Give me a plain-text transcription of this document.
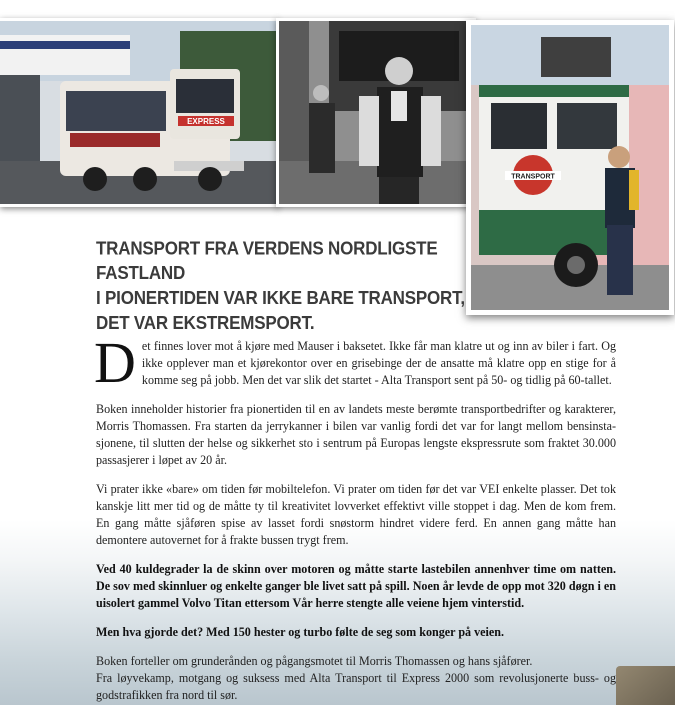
EXPRESS
TRANSPORT
TRANSPORT FRA VERDENS NORDLIGSTE FASTLAND
I PIONERTIDEN VAR IKKE BARE TRANSPORT,
DET VAR EKSTREMSPORT.

Det finnes lover mot å kjøre med Mauser i baksetet. Ikke får man klatre ut og inn av biler i fart. Og ikke opplever man et kjørekontor over en grisebinge der de ansatte må klatre opp en stige for å komme seg på jobb. Men det var slik det startet - Alta Transport sent på 50- og tidlig på 60-tallet.

Boken inneholder historier fra pionertiden til en av landets meste berømte transportbedrifter og karakterer, Morris Thomassen. Fra starten da jerrykanner i bilen var vanlig fordi det var for langt mellom bensinsta-sjonene, til slutten der helse og sikkerhet sto i sentrum på Europas lengste ekspressrute som fraktet 30.000 passasjerer i løpet av 20 år.

Vi prater ikke «bare» om tiden før mobiltelefon. Vi prater om tiden før det var VEI enkelte plasser. Det tok kanskje litt mer tid og de måtte ty til kreativitet lovverket effektivt ville stoppet i dag. Men de kom frem. En gang måtte sjåføren spise av lasset fordi snøstorm hindret videre ferd. En annen gang måtte han demontere autovernet for å frakte bussen trygt frem.

Ved 40 kuldegrader la de skinn over motoren og måtte starte lastebilen annenhver time om natten. De sov med skinnluer og enkelte ganger ble livet satt på spill. Noen år levde de opp mot 320 døgn i en uisolert gammel Volvo Titan ettersom Vår herre stengte alle veiene hjem vinterstid.

Men hva gjorde det? Med 150 hester og turbo følte de seg som konger på veien.

Boken forteller om grunderånden og pågangsmotet til Morris Thomassen og hans sjåfører.

Fra løyvekamp, motgang og suksess med Alta Transport til Express 2000 som revolusjonerte buss- og godstrafikken fra nord til sør.
